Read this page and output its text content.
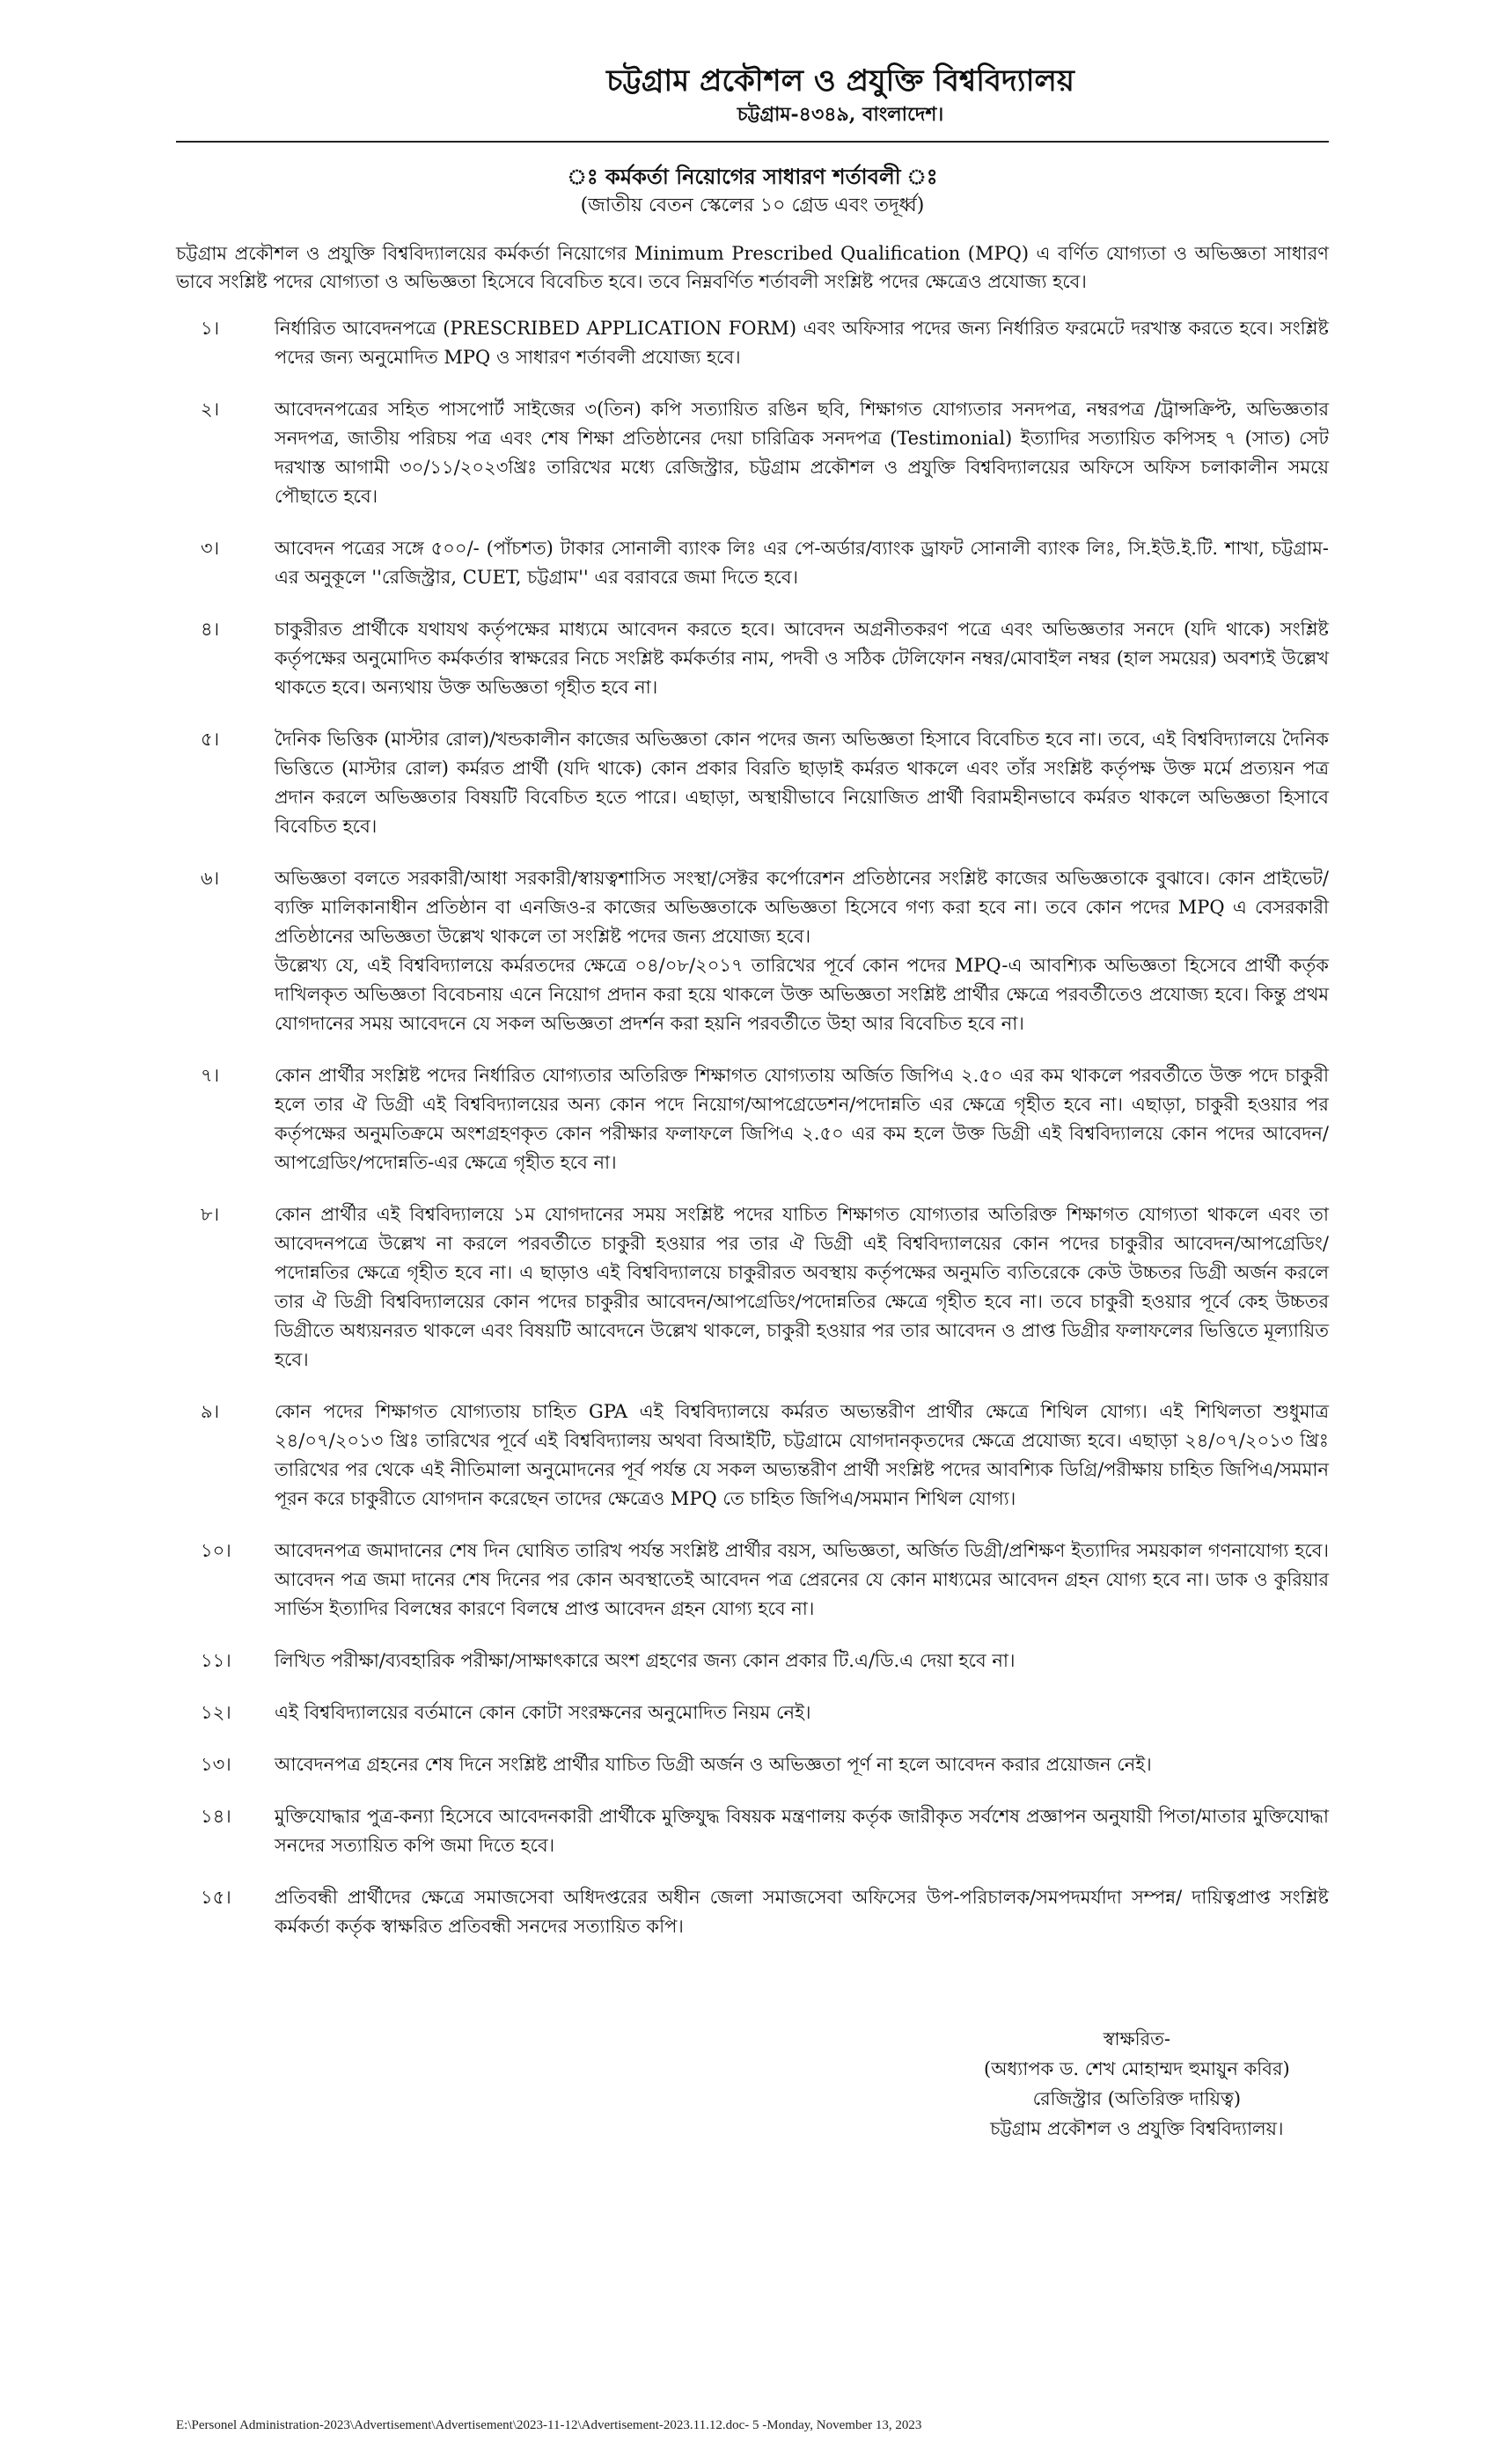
চট্টগ্রাম প্রকৌশল ও প্রযুক্তি বিশ্ববিদ্যালয়
চট্টগ্রাম-৪৩৪৯, বাংলাদেশ।
ঃ কর্মকর্তা নিয়োগের সাধারণ শর্তাবলী ঃ
(জাতীয় বেতন স্কেলের ১০ গ্রেড এবং তদূর্ধ্ব)

চট্টগ্রাম প্রকৌশল ও প্রযুক্তি বিশ্ববিদ্যালয়ের কর্মকর্তা নিয়োগের Minimum Prescribed Qualification (MPQ) এ বর্ণিত যোগ্যতা ও অভিজ্ঞতা সাধারণ ভাবে সংশ্লিষ্ট পদের যোগ্যতা ও অভিজ্ঞতা হিসেবে বিবেচিত হবে। তবে নিম্নবর্ণিত শর্তাবলী সংশ্লিষ্ট পদের ক্ষেত্রেও প্রযোজ্য হবে।

১।	নির্ধারিত আবেদনপত্রে (PRESCRIBED APPLICATION FORM) এবং অফিসার পদের জন্য নির্ধারিত ফরমেটে দরখাস্ত করতে হবে। সংশ্লিষ্ট পদের জন্য অনুমোদিত MPQ ও সাধারণ শর্তাবলী প্রযোজ্য হবে।
২।	আবেদনপত্রের সহিত পাসপোর্ট সাইজের ৩(তিন) কপি সত্যায়িত রঙিন ছবি, শিক্ষাগত যোগ্যতার সনদপত্র, নম্বরপত্র /ট্রান্সক্রিপ্ট, অভিজ্ঞতার সনদপত্র, জাতীয় পরিচয় পত্র এবং শেষ শিক্ষা প্রতিষ্ঠানের দেয়া চারিত্রিক সনদপত্র (Testimonial) ইত্যাদির সত্যায়িত কপিসহ ৭ (সাত) সেট দরখাস্ত আগামী ৩০/১১/২০২৩খ্রিঃ তারিখের মধ্যে রেজিস্ট্রার, চট্টগ্রাম প্রকৌশল ও প্রযুক্তি বিশ্ববিদ্যালয়ের অফিসে অফিস চলাকালীন সময়ে পৌছাতে হবে।
৩।	আবেদন পত্রের সঙ্গে ৫০০/- (পাঁচশত) টাকার সোনালী ব্যাংক লিঃ এর পে-অর্ডার/ব্যাংক ড্রাফট সোনালী ব্যাংক লিঃ, সি.ইউ.ই.টি. শাখা, চট্টগ্রাম-এর অনুকূলে ''রেজিস্ট্রার, CUET, চট্টগ্রাম'' এর বরাবরে জমা দিতে হবে।
৪।	চাকুরীরত প্রার্থীকে যথাযথ কর্তৃপক্ষের মাধ্যমে আবেদন করতে হবে। আবেদন অগ্রনীতকরণ পত্রে এবং অভিজ্ঞতার সনদে (যদি থাকে) সংশ্লিষ্ট কর্তৃপক্ষের অনুমোদিত কর্মকর্তার স্বাক্ষরের নিচে সংশ্লিষ্ট কর্মকর্তার নাম, পদবী ও সঠিক টেলিফোন নম্বর/মোবাইল নম্বর (হাল সময়ের) অবশ্যই উল্লেখ থাকতে হবে। অন্যথায় উক্ত অভিজ্ঞতা গৃহীত হবে না।
৫।	দৈনিক ভিত্তিক (মাস্টার রোল)/খন্ডকালীন কাজের অভিজ্ঞতা কোন পদের জন্য অভিজ্ঞতা হিসাবে বিবেচিত হবে না। তবে, এই বিশ্ববিদ্যালয়ে দৈনিক ভিত্তিতে (মাস্টার রোল) কর্মরত প্রার্থী (যদি থাকে) কোন প্রকার বিরতি ছাড়াই কর্মরত থাকলে এবং তাঁর সংশ্লিষ্ট কর্তৃপক্ষ উক্ত মর্মে প্রত্যয়ন পত্র প্রদান করলে অভিজ্ঞতার বিষয়টি বিবেচিত হতে পারে। এছাড়া, অস্থায়ীভাবে নিয়োজিত প্রার্থী বিরামহীনভাবে কর্মরত থাকলে অভিজ্ঞতা হিসাবে বিবেচিত হবে।
৬।	অভিজ্ঞতা বলতে সরকারী/আধা সরকারী/স্বায়ত্বশাসিত সংস্থা/সেক্টর কর্পোরেশন প্রতিষ্ঠানের সংশ্লিষ্ট কাজের অভিজ্ঞতাকে বুঝাবে। কোন প্রাইভেট/ব্যক্তি মালিকানাধীন প্রতিষ্ঠান বা এনজিও-র কাজের অভিজ্ঞতাকে অভিজ্ঞতা হিসেবে গণ্য করা হবে না। তবে কোন পদের MPQ এ বেসরকারী প্রতিষ্ঠানের অভিজ্ঞতা উল্লেখ থাকলে তা সংশ্লিষ্ট পদের জন্য প্রযোজ্য হবে।

উল্লেখ্য যে, এই বিশ্ববিদ্যালয়ে কর্মরতদের ক্ষেত্রে ০৪/০৮/২০১৭ তারিখের পূর্বে কোন পদের MPQ-এ আবশ্যিক অভিজ্ঞতা হিসেবে প্রার্থী কর্তৃক দাখিলকৃত অভিজ্ঞতা বিবেচনায় এনে নিয়োগ প্রদান করা হয়ে থাকলে উক্ত অভিজ্ঞতা সংশ্লিষ্ট প্রার্থীর ক্ষেত্রে পরবর্তীতেও প্রযোজ্য হবে। কিন্তু প্রথম যোগদানের সময় আবেদনে যে সকল অভিজ্ঞতা প্রদর্শন করা হয়নি পরবর্তীতে উহা আর বিবেচিত হবে না।

৭।	কোন প্রার্থীর সংশ্লিষ্ট পদের নির্ধারিত যোগ্যতার অতিরিক্ত শিক্ষাগত যোগ্যতায় অর্জিত জিপিএ ২.৫০ এর কম থাকলে পরবর্তীতে উক্ত পদে চাকুরী হলে তার ঐ ডিগ্রী এই বিশ্ববিদ্যালয়ের অন্য কোন পদে নিয়োগ/আপগ্রেডেশন/পদোন্নতি এর ক্ষেত্রে গৃহীত হবে না। এছাড়া, চাকুরী হওয়ার পর কর্তৃপক্ষের অনুমতিক্রমে অংশগ্রহণকৃত কোন পরীক্ষার ফলাফলে জিপিএ ২.৫০ এর কম হলে উক্ত ডিগ্রী এই বিশ্ববিদ্যালয়ে কোন পদের আবেদন/আপগ্রেডিং/পদোন্নতি-এর ক্ষেত্রে গৃহীত হবে না।
৮।	কোন প্রার্থীর এই বিশ্ববিদ্যালয়ে ১ম যোগদানের সময় সংশ্লিষ্ট পদের যাচিত শিক্ষাগত যোগ্যতার অতিরিক্ত শিক্ষাগত যোগ্যতা থাকলে এবং তা আবেদনপত্রে উল্লেখ না করলে পরবর্তীতে চাকুরী হওয়ার পর তার ঐ ডিগ্রী এই বিশ্ববিদ্যালয়ের কোন পদের চাকুরীর আবেদন/আপগ্রেডিং/পদোন্নতির ক্ষেত্রে গৃহীত হবে না। এ ছাড়াও এই বিশ্ববিদ্যালয়ে চাকুরীরত অবস্থায় কর্তৃপক্ষের অনুমতি ব্যতিরেকে কেউ উচ্চতর ডিগ্রী অর্জন করলে তার ঐ ডিগ্রী বিশ্ববিদ্যালয়ের কোন পদের চাকুরীর আবেদন/আপগ্রেডিং/পদোন্নতির ক্ষেত্রে গৃহীত হবে না। তবে চাকুরী হওয়ার পূর্বে কেহ উচ্চতর ডিগ্রীতে অধ্যয়নরত থাকলে এবং বিষয়টি আবেদনে উল্লেখ থাকলে, চাকুরী হওয়ার পর তার আবেদন ও প্রাপ্ত ডিগ্রীর ফলাফলের ভিত্তিতে মূল্যায়িত হবে।
৯।	কোন পদের শিক্ষাগত যোগ্যতায় চাহিত GPA এই বিশ্ববিদ্যালয়ে কর্মরত অভ্যন্তরীণ প্রার্থীর ক্ষেত্রে শিথিল যোগ্য। এই শিথিলতা শুধুমাত্র ২৪/০৭/২০১৩ খ্রিঃ তারিখের পূর্বে এই বিশ্ববিদ্যালয় অথবা বিআইটি, চট্টগ্রামে যোগদানকৃতদের ক্ষেত্রে প্রযোজ্য হবে। এছাড়া ২৪/০৭/২০১৩ খ্রিঃ তারিখের পর থেকে এই নীতিমালা অনুমোদনের পূর্ব পর্যন্ত যে সকল অভ্যন্তরীণ প্রার্থী সংশ্লিষ্ট পদের আবশ্যিক ডিগ্রি/পরীক্ষায় চাহিত জিপিএ/সমমান পূরন করে চাকুরীতে যোগদান করেছেন তাদের ক্ষেত্রেও MPQ তে চাহিত জিপিএ/সমমান শিথিল যোগ্য।
১০।	আবেদনপত্র জমাদানের শেষ দিন ঘোষিত তারিখ পর্যন্ত সংশ্লিষ্ট প্রার্থীর বয়স, অভিজ্ঞতা, অর্জিত ডিগ্রী/প্রশিক্ষণ ইত্যাদির সময়কাল গণনাযোগ্য হবে। আবেদন পত্র জমা দানের শেষ দিনের পর কোন অবস্থাতেই আবেদন পত্র প্রেরনের যে কোন মাধ্যমের আবেদন গ্রহন যোগ্য হবে না। ডাক ও কুরিয়ার সার্ভিস ইত্যাদির বিলম্বের কারণে বিলম্বে প্রাপ্ত আবেদন গ্রহন যোগ্য হবে না।
১১।	লিখিত পরীক্ষা/ব্যবহারিক পরীক্ষা/সাক্ষাৎকারে অংশ গ্রহণের জন্য কোন প্রকার টি.এ/ডি.এ দেয়া হবে না।
১২।	এই বিশ্ববিদ্যালয়ের বর্তমানে কোন কোটা সংরক্ষনের অনুমোদিত নিয়ম নেই।
১৩।	আবেদনপত্র গ্রহনের শেষ দিনে সংশ্লিষ্ট প্রার্থীর যাচিত ডিগ্রী অর্জন ও অভিজ্ঞতা পূর্ণ না হলে আবেদন করার প্রয়োজন নেই।
১৪।	মুক্তিযোদ্ধার পুত্র-কন্যা হিসেবে আবেদনকারী প্রার্থীকে মুক্তিযুদ্ধ বিষয়ক মন্ত্রণালয় কর্তৃক জারীকৃত সর্বশেষ প্রজ্ঞাপন অনুযায়ী পিতা/মাতার মুক্তিযোদ্ধা সনদের সত্যায়িত কপি জমা দিতে হবে।
১৫।	প্রতিবন্ধী প্রার্থীদের ক্ষেত্রে সমাজসেবা অধিদপ্তরের অধীন জেলা সমাজসেবা অফিসের উপ-পরিচালক/সমপদমর্যাদা সম্পন্ন/ দায়িত্বপ্রাপ্ত সংশ্লিষ্ট কর্মকর্তা কর্তৃক স্বাক্ষরিত প্রতিবন্ধী সনদের সত্যায়িত কপি।
স্বাক্ষরিত-
(অধ্যাপক ড. শেখ মোহাম্মদ হুমায়ুন কবির)
রেজিস্ট্রার (অতিরিক্ত দায়িত্ব)
চট্টগ্রাম প্রকৌশল ও প্রযুক্তি বিশ্ববিদ্যালয়।
E:\Personel Administration-2023\Advertisement\Advertisement\2023-11-12\Advertisement-2023.11.12.doc- 5 -Monday, November 13, 2023
